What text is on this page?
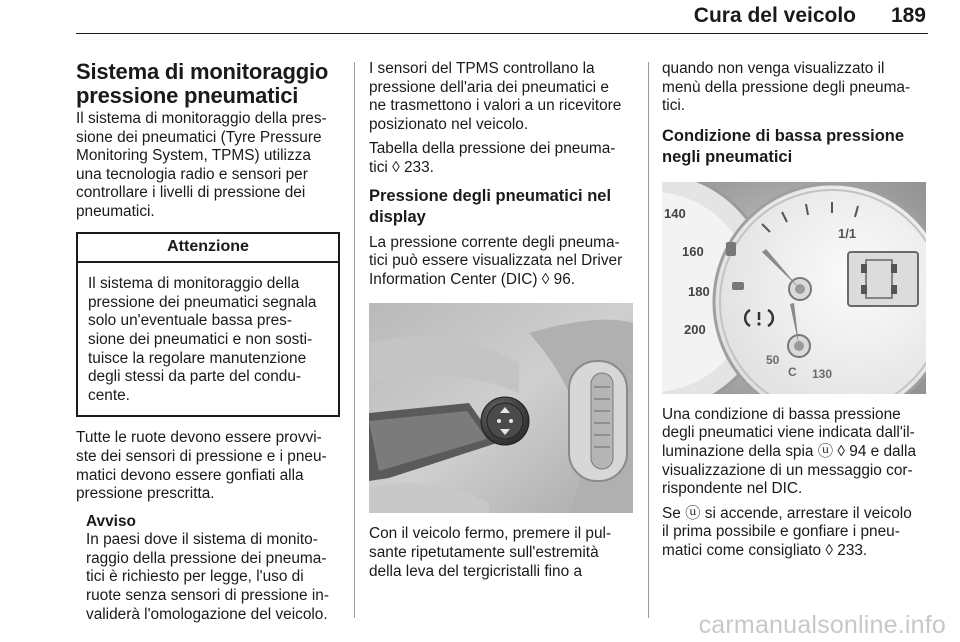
Cura del veicolo 189
Sistema di monitoraggio
pressione pneumatici

Il sistema di monitoraggio della pres-
sione dei pneumatici (Tyre Pressure
Monitoring System, TPMS) utilizza
una tecnologia radio e sensori per
controllare i livelli di pressione dei
pneumatici.

Attenzione
Il sistema di monitoraggio della
pressione dei pneumatici segnala
solo un'eventuale bassa pres-
sione dei pneumatici e non sosti-
tuisce la regolare manutenzione
degli stessi da parte del condu-
cente.

Tutte le ruote devono essere provvi-
ste dei sensori di pressione e i pneu-
matici devono essere gonfiati alla
pressione prescritta.

Avviso
In paesi dove il sistema di monito-
raggio della pressione dei pneuma-
tici è richiesto per legge, l'uso di
ruote senza sensori di pressione in-
validerà l'omologazione del veicolo.

I sensori del TPMS controllano la
pressione dell'aria dei pneumatici e
ne trasmettono i valori a un ricevitore
posizionato nel veicolo.

Tabella della pressione dei pneuma-
tici ◊ 233.

Pressione degli pneumatici nel
display

La pressione corrente degli pneuma-
tici può essere visualizzata nel Driver
Information Center (DIC) ◊ 96.

Con il veicolo fermo, premere il pul-
sante ripetutamente sull'estremità
della leva del tergicristalli fino a

quando non venga visualizzato il
menù della pressione degli pneuma-
tici.

Condizione di bassa pressione
negli pneumatici
140
160
180
200
1/1
50
C 130

Una condizione di bassa pressione
degli pneumatici viene indicata dall'il-
luminazione della spia ⓤ ◊ 94 e dalla
visualizzazione di un messaggio cor-
rispondente nel DIC.

Se ⓤ si accende, arrestare il veicolo
il prima possibile e gonfiare i pneu-
matici come consigliato ◊ 233.

carmanualsonline.info
